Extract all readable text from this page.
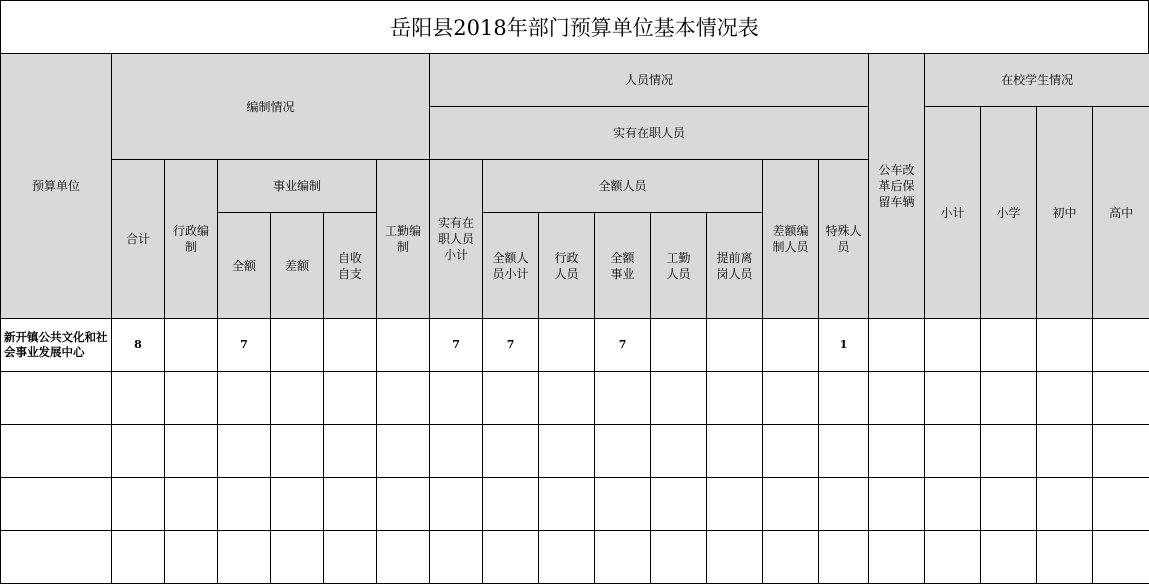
岳阳县2018年部门预算单位基本情况表
预算单位	编制情况						人员情况								公车改革后保留车辆	在校学生情况			
							实有在职人员									小计	小学	初中	高中
	合计	行政编制	事业编制			工勤编制	实有在职人员小计	全额人员					差额编制人员	特殊人员					
			全额	差额	自收自支			全额人员小计	行政人员	全额事业	工勤人员	提前离岗人员							

新开镇公共文化和社会事业发展中心	8		7				7	7		7				1					
